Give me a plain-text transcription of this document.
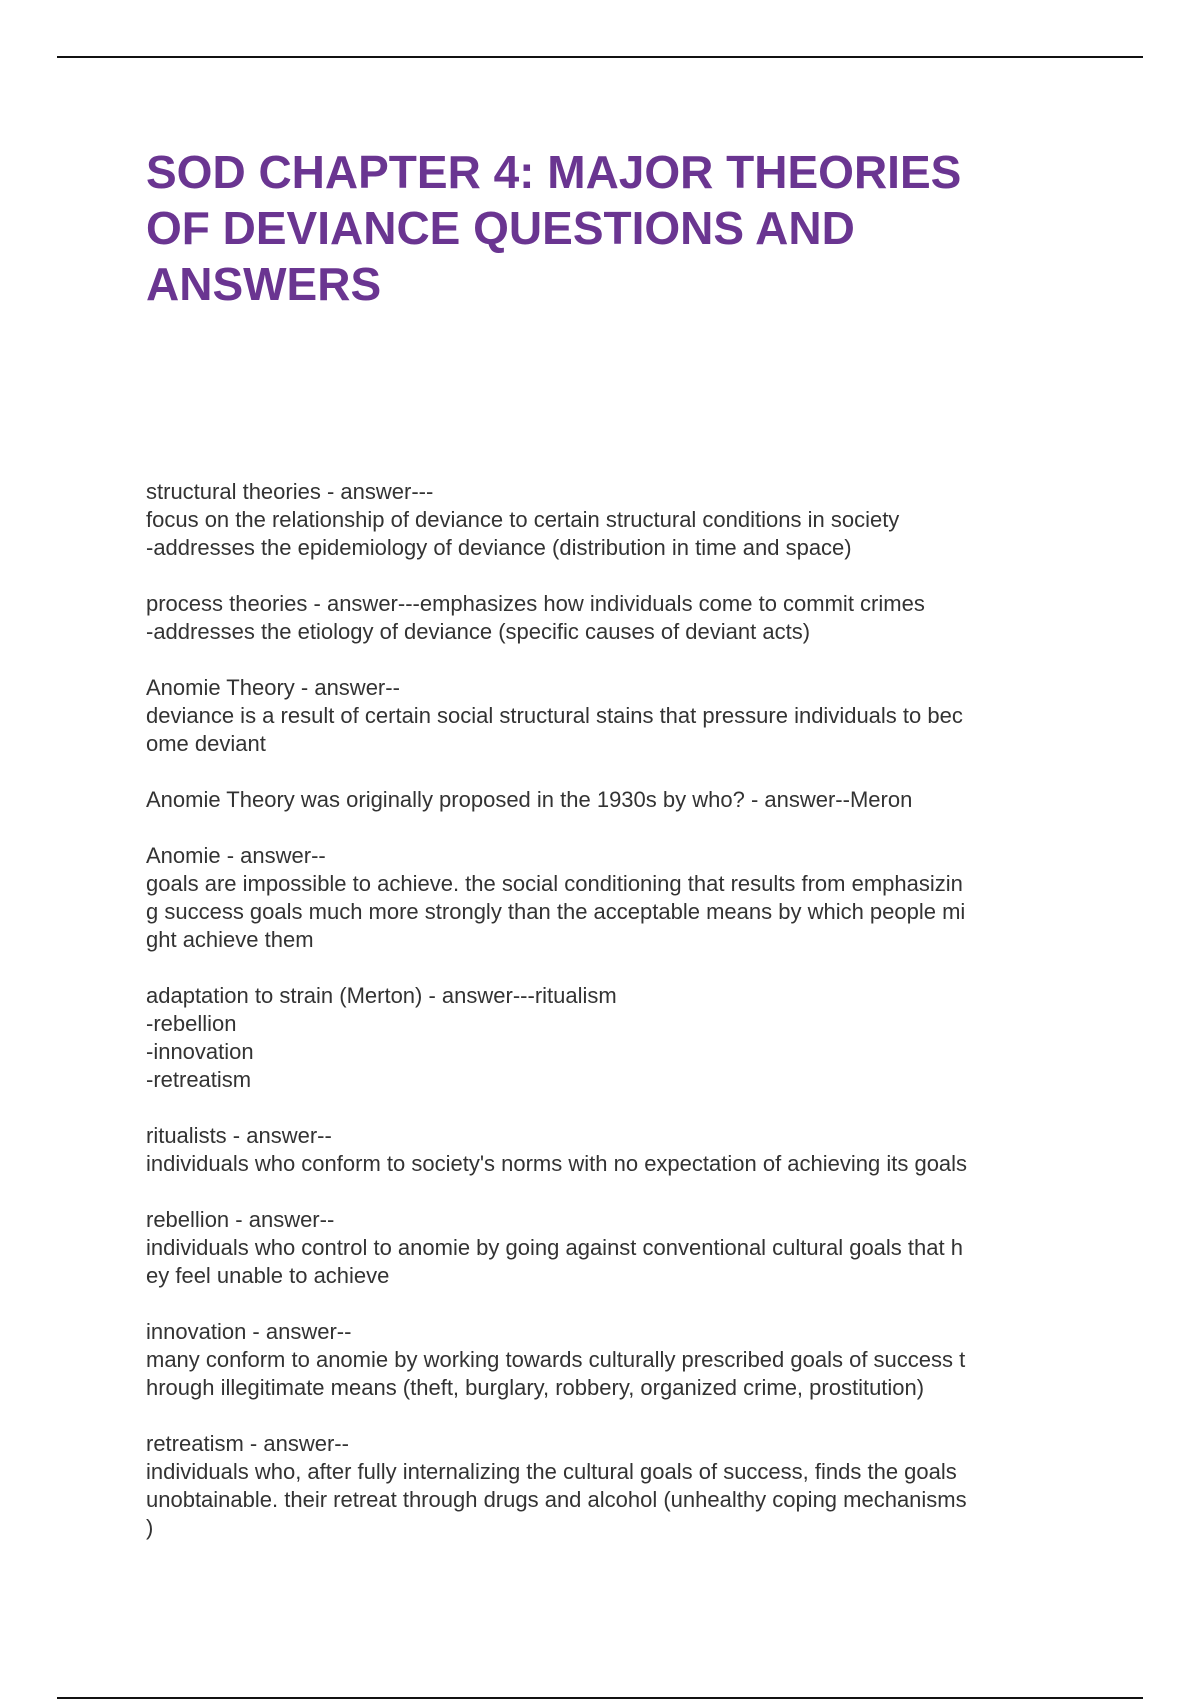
SOD CHAPTER 4: MAJOR THEORIES
OF DEVIANCE QUESTIONS AND
ANSWERS
structural theories - answer---
focus on the relationship of deviance to certain structural conditions in society
-addresses the epidemiology of deviance (distribution in time and space)
process theories - answer---emphasizes how individuals come to commit crimes
-addresses the etiology of deviance (specific causes of deviant acts)
Anomie Theory - answer--
deviance is a result of certain social structural stains that pressure individuals to bec
ome deviant
Anomie Theory was originally proposed in the 1930s by who? - answer--Meron
Anomie - answer--
goals are impossible to achieve. the social conditioning that results from emphasizin
g success goals much more strongly than the acceptable means by which people mi
ght achieve them
adaptation to strain (Merton) - answer---ritualism
-rebellion
-innovation
-retreatism
ritualists - answer--
individuals who conform to society's norms with no expectation of achieving its goals
rebellion - answer--
individuals who control to anomie by going against conventional cultural goals that h
ey feel unable to achieve
innovation - answer--
many conform to anomie by working towards culturally prescribed goals of success t
hrough illegitimate means (theft, burglary, robbery, organized crime, prostitution)
retreatism - answer--
individuals who, after fully internalizing the cultural goals of success, finds the goals
unobtainable. their retreat through drugs and alcohol (unhealthy coping mechanisms
)
